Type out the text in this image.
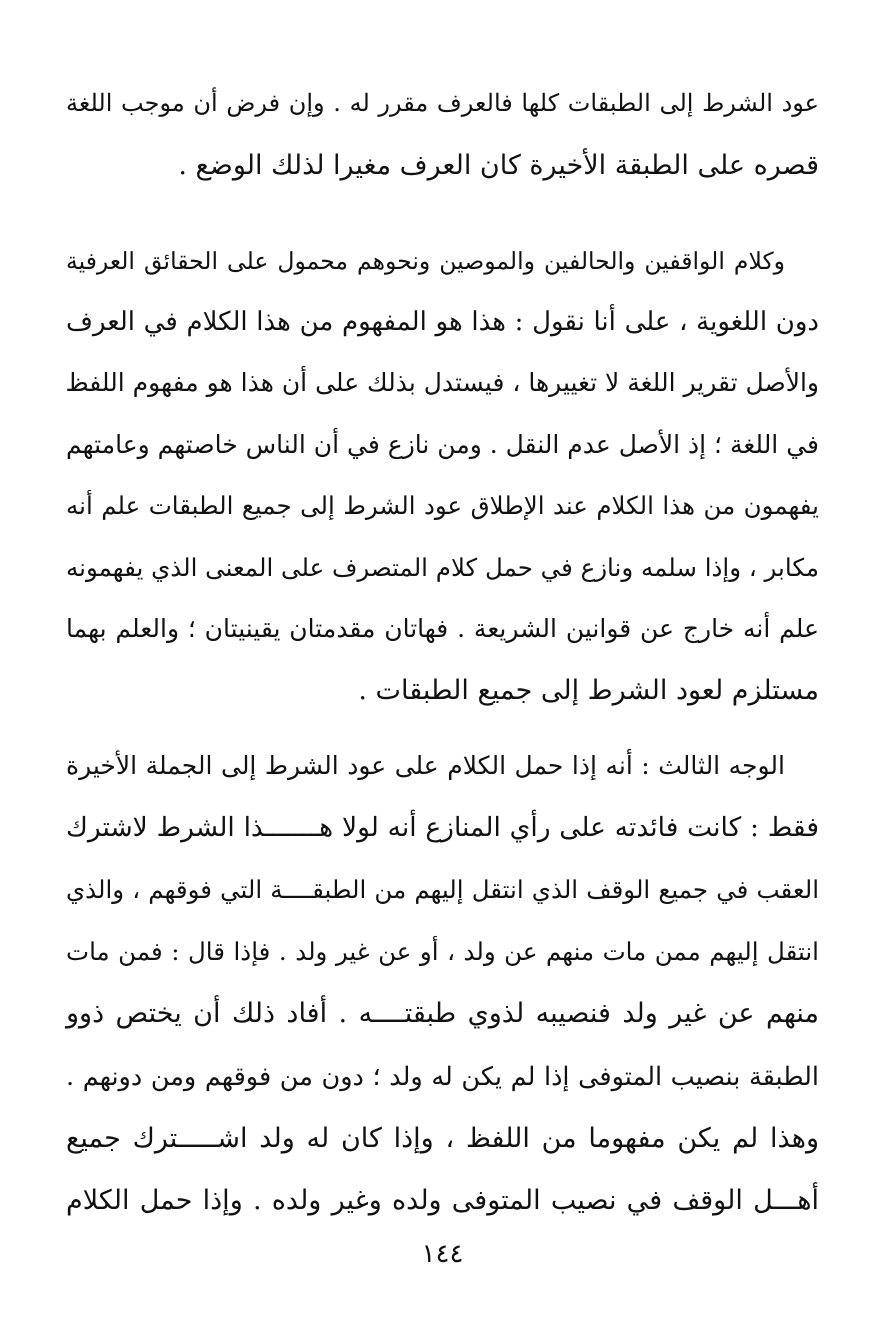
عود الشرط إلى الطبقات كلها فالعرف مقرر له . وإن فرض أن موجب اللغة
قصره على الطبقة الأخيرة كان العرف مغيرا لذلك الوضع .
وكلام الواقفين والحالفين والموصين ونحوهم محمول على الحقائق العرفية
دون اللغوية ، على أنا نقول : هذا هو المفهوم من هذا الكلام في العرف
والأصل تقرير اللغة لا تغييرها ، فيستدل بذلك على أن هذا هو مفهوم اللفظ
في اللغة ؛ إذ الأصل عدم النقل . ومن نازع في أن الناس خاصتهم وعامتهم
يفهمون من هذا الكلام عند الإطلاق عود الشرط إلى جميع الطبقات علم أنه
مكابر ، وإذا سلمه ونازع في حمل كلام المتصرف على المعنى الذي يفهمونه
علم أنه خارج عن قوانين الشريعة . فهاتان مقدمتان يقينيتان ؛ والعلم بهما
مستلزم لعود الشرط إلى جميع الطبقات .
الوجه الثالث : أنه إذا حمل الكلام على عود الشرط إلى الجملة الأخيرة
فقط : كانت فائدته على رأي المنازع أنه لولا هـــــــذا الشرط لاشترك
العقب في جميع الوقف الذي انتقل إليهم من الطبقــــة التي فوقهم ، والذي
انتقل إليهم ممن مات منهم عن ولد ، أو عن غير ولد . فإذا قال : فمن مات
منهم عن غير ولد فنصيبه لذوي طبقتــــه . أفاد ذلك أن يختص ذوو
الطبقة بنصيب المتوفى إذا لم يكن له ولد ؛ دون من فوقهم ومن دونهم .
وهذا لم يكن مفهوما من اللفظ ، وإذا كان له ولد اشـــــترك جميع
أهـــل الوقف في نصيب المتوفى ولده وغير ولده . وإذا حمل الكلام
١٤٤
